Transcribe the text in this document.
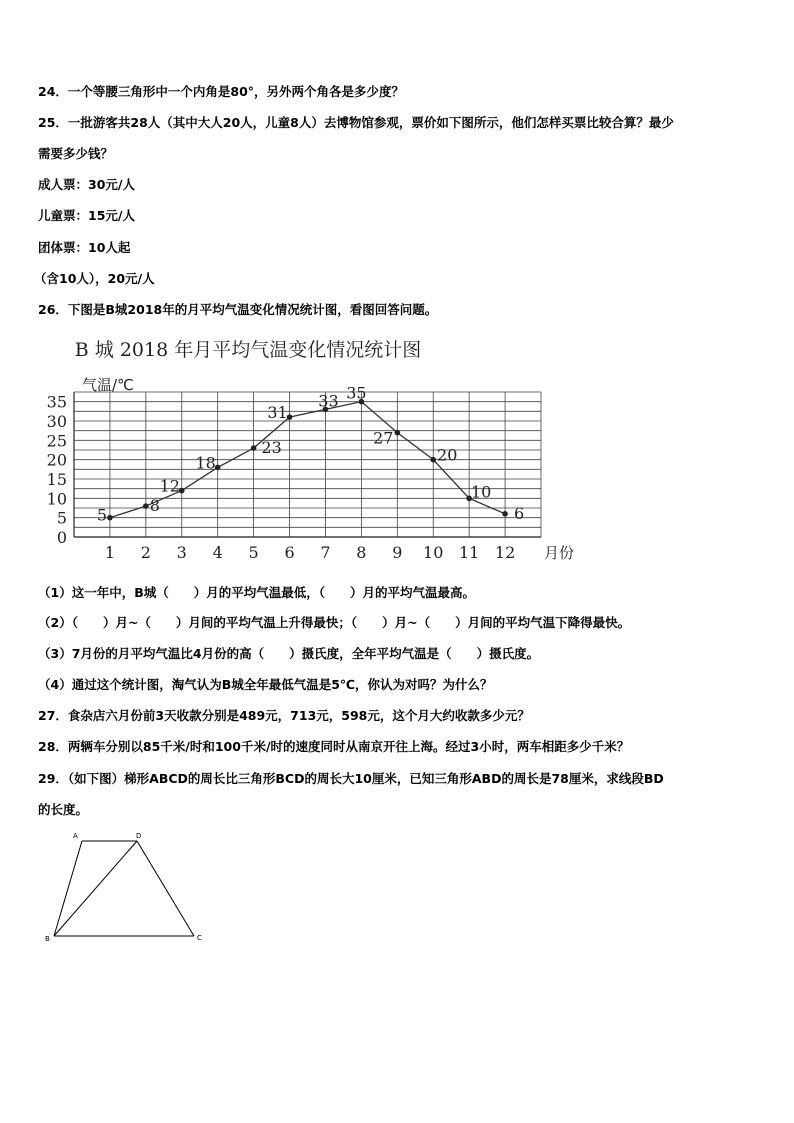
24．一个等腰三角形中一个内角是80°，另外两个角各是多少度？
25．一批游客共28人（其中大人20人，儿童8人）去博物馆参观，票价如下图所示，他们怎样买票比较合算？最少
需要多少钱？
成人票：30元/人
儿童票：15元/人
团体票：10人起
（含10人），20元/人
26．下图是B城2018年的月平均气温变化情况统计图，看图回答问题。
B 城 2018 年月平均气温变化情况统计图
0
5
10
15
20
25
30
35
1 2 3 4 5 6 7 8 9 10 11 12
气温/℃
月份
5
8
12
18
23
31
33 35
27
20
10
6
（1）这一年中，B城（　　）月的平均气温最低，（　　）月的平均气温最高。
（2）（　　）月~（　　）月间的平均气温上升得最快；（　　）月~（　　）月间的平均气温下降得最快。
（3）7月份的月平均气温比4月份的高（　　）摄氏度，全年平均气温是（　　）摄氏度。
（4）通过这个统计图，淘气认为B城全年最低气温是5℃，你认为对吗？为什么？
27．食杂店六月份前3天收款分别是489元，713元，598元，这个月大约收款多少元？
28．两辆车分别以85千米/时和100千米/时的速度同时从南京开往上海。经过3小时，两车相距多少千米？
29．（如下图）梯形ABCD的周长比三角形BCD的周长大10厘米，已知三角形ABD的周长是78厘米，求线段BD
的长度。
A	D
B	C
